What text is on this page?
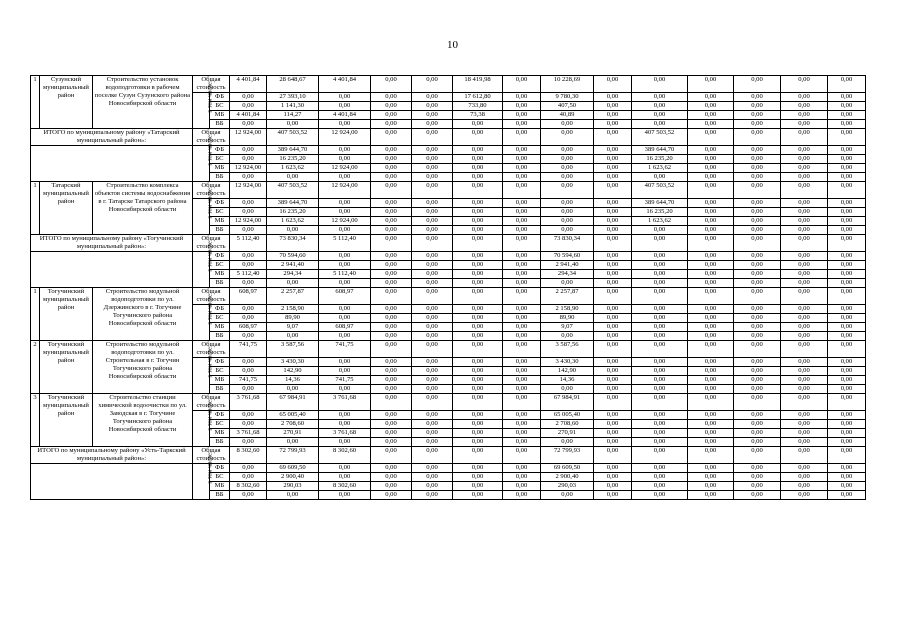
10
1	Сузунский муниципальный район	Строительство установок водоподготовки в рабочем поселке Сузун Сузунского района Новосибирской области	Общая стоимость		4 401,84	28 648,67	4 401,84	0,00	0,00	18 419,98	0,00	10 228,69	0,00	0,00	0,00	0,00	0,00	0,00
			в том числе:	ФБ	0,00	27 393,10	0,00	0,00	0,00	17 612,80	0,00	9 780,30	0,00	0,00	0,00	0,00	0,00	0,00
				БС	0,00	1 141,30	0,00	0,00	0,00	733,80	0,00	407,50	0,00	0,00	0,00	0,00	0,00	0,00
				МБ	4 401,84	114,27	4 401,84	0,00	0,00	73,38	0,00	40,89	0,00	0,00	0,00	0,00	0,00	0,00
				ВБ	0,00	0,00	0,00	0,00	0,00	0,00	0,00	0,00	0,00	0,00	0,00	0,00	0,00	0,00
ИТОГО по муниципальному району «Татарский муниципальный район»:			Общая стоимость		12 924,00	407 503,52	12 924,00	0,00	0,00	0,00	0,00	0,00	0,00	407 503,52	0,00	0,00	0,00	0,00
			в том числе:	ФБ	0,00	389 644,70	0,00	0,00	0,00	0,00	0,00	0,00	0,00	389 644,70	0,00	0,00	0,00	0,00
				БС	0,00	16 235,20	0,00	0,00	0,00	0,00	0,00	0,00	0,00	16 235,20	0,00	0,00	0,00	0,00
				МБ	12 924,00	1 623,62	12 924,00	0,00	0,00	0,00	0,00	0,00	0,00	1 623,62	0,00	0,00	0,00	0,00
				ВБ	0,00	0,00	0,00	0,00	0,00	0,00	0,00	0,00	0,00	0,00	0,00	0,00	0,00	0,00
1	Татарский муниципальный район	Строительство комплекса объектов системы водоснабжения в г. Татарске Татарского района Новосибирской области	Общая стоимость		12 924,00	407 503,52	12 924,00	0,00	0,00	0,00	0,00	0,00	0,00	407 503,52	0,00	0,00	0,00	0,00
			в том числе:	ФБ	0,00	389 644,70	0,00	0,00	0,00	0,00	0,00	0,00	0,00	389 644,70	0,00	0,00	0,00	0,00
				БС	0,00	16 235,20	0,00	0,00	0,00	0,00	0,00	0,00	0,00	16 235,20	0,00	0,00	0,00	0,00
				МБ	12 924,00	1 623,62	12 924,00	0,00	0,00	0,00	0,00	0,00	0,00	1 623,62	0,00	0,00	0,00	0,00
				ВБ	0,00	0,00	0,00	0,00	0,00	0,00	0,00	0,00	0,00	0,00	0,00	0,00	0,00	0,00
ИТОГО по муниципальному району «Тогучинский муниципальный район»:			Общая стоимость		5 112,40	73 830,34	5 112,40	0,00	0,00	0,00	0,00	73 830,34	0,00	0,00	0,00	0,00	0,00	0,00
			в том числе:	ФБ	0,00	70 594,60	0,00	0,00	0,00	0,00	0,00	70 594,60	0,00	0,00	0,00	0,00	0,00	0,00
				БС	0,00	2 941,40	0,00	0,00	0,00	0,00	0,00	2 941,40	0,00	0,00	0,00	0,00	0,00	0,00
				МБ	5 112,40	294,34	5 112,40	0,00	0,00	0,00	0,00	294,34	0,00	0,00	0,00	0,00	0,00	0,00
				ВБ	0,00	0,00	0,00	0,00	0,00	0,00	0,00	0,00	0,00	0,00	0,00	0,00	0,00	0,00
1	Тогучинский муниципальный район	Строительство модульной водоподготовки по ул. Дзержинского в г. Тогучине Тогучинского района Новосибирской области	Общая стоимость		608,97	2 257,87	608,97	0,00	0,00	0,00	0,00	2 257,87	0,00	0,00	0,00	0,00	0,00	0,00
			в том числе:	ФБ	0,00	2 158,90	0,00	0,00	0,00	0,00	0,00	2 158,90	0,00	0,00	0,00	0,00	0,00	0,00
				БС	0,00	89,90	0,00	0,00	0,00	0,00	0,00	89,90	0,00	0,00	0,00	0,00	0,00	0,00
				МБ	608,97	9,07	608,97	0,00	0,00	0,00	0,00	9,07	0,00	0,00	0,00	0,00	0,00	0,00
				ВБ	0,00	0,00	0,00	0,00	0,00	0,00	0,00	0,00	0,00	0,00	0,00	0,00	0,00	0,00
2	Тогучинский муниципальный район	Строительство модульной водоподготовки по ул. Строительная в г. Тогучин Тогучинского района Новосибирской области	Общая стоимость		741,75	3 587,56	741,75	0,00	0,00	0,00	0,00	3 587,56	0,00	0,00	0,00	0,00	0,00	0,00
			в том числе:	ФБ	0,00	3 430,30	0,00	0,00	0,00	0,00	0,00	3 430,30	0,00	0,00	0,00	0,00	0,00	0,00
				БС	0,00	142,90	0,00	0,00	0,00	0,00	0,00	142,90	0,00	0,00	0,00	0,00	0,00	0,00
				МБ	741,75	14,36	741,75	0,00	0,00	0,00	0,00	14,36	0,00	0,00	0,00	0,00	0,00	0,00
				ВБ	0,00	0,00	0,00	0,00	0,00	0,00	0,00	0,00	0,00	0,00	0,00	0,00	0,00	0,00
3	Тогучинский муниципальный район	Строительство станции химической водоочистки по ул. Заводская в г. Тогучине Тогучинского района Новосибирской области	Общая стоимость		3 761,68	67 984,91	3 761,68	0,00	0,00	0,00	0,00	67 984,91	0,00	0,00	0,00	0,00	0,00	0,00
			в том числе:	ФБ	0,00	65 005,40	0,00	0,00	0,00	0,00	0,00	65 005,40	0,00	0,00	0,00	0,00	0,00	0,00
				БС	0,00	2 708,60	0,00	0,00	0,00	0,00	0,00	2 708,60	0,00	0,00	0,00	0,00	0,00	0,00
				МБ	3 761,68	270,91	3 761,68	0,00	0,00	0,00	0,00	270,91	0,00	0,00	0,00	0,00	0,00	0,00
				ВБ	0,00	0,00	0,00	0,00	0,00	0,00	0,00	0,00	0,00	0,00	0,00	0,00	0,00	0,00
ИТОГО по муниципальному району «Усть-Таркский муниципальный район»:			Общая стоимость		8 302,60	72 799,93	8 302,60	0,00	0,00	0,00	0,00	72 799,93	0,00	0,00	0,00	0,00	0,00	0,00
			в том числе:	ФБ	0,00	69 609,50	0,00	0,00	0,00	0,00	0,00	69 609,50	0,00	0,00	0,00	0,00	0,00	0,00
				БС	0,00	2 900,40	0,00	0,00	0,00	0,00	0,00	2 900,40	0,00	0,00	0,00	0,00	0,00	0,00
				МБ	8 302,60	290,03	8 302,60	0,00	0,00	0,00	0,00	290,03	0,00	0,00	0,00	0,00	0,00	0,00
				ВБ	0,00	0,00	0,00	0,00	0,00	0,00	0,00	0,00	0,00	0,00	0,00	0,00	0,00	0,00
